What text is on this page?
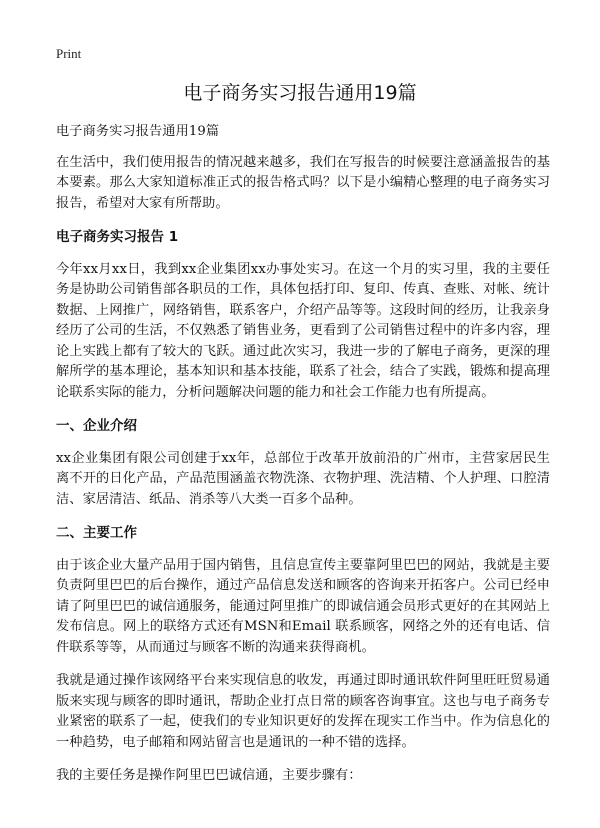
Print
电子商务实习报告通用19篇

电子商务实习报告通用19篇

在生活中，我们使用报告的情况越来越多，我们在写报告的时候要注意涵盖报告的基本要素。那么大家知道标准正式的报告格式吗？以下是小编精心整理的电子商务实习报告，希望对大家有所帮助。

电子商务实习报告 1

今年xx月xx日，我到xx企业集团xx办事处实习。在这一个月的实习里，我的主要任务是协助公司销售部各职员的工作，具体包括打印、复印、传真、查账、对帐、统计数据、上网推广，网络销售，联系客户，介绍产品等等。这段时间的经历，让我亲身经历了公司的生活，不仅熟悉了销售业务，更看到了公司销售过程中的许多内容，理论上实践上都有了较大的飞跃。通过此次实习，我进一步的了解电子商务，更深的理解所学的基本理论，基本知识和基本技能，联系了社会，结合了实践，锻炼和提高理论联系实际的能力，分析问题解决问题的能力和社会工作能力也有所提高。

一、企业介绍

xx企业集团有限公司创建于xx年，总部位于改革开放前沿的广州市，主营家居民生离不开的日化产品，产品范围涵盖衣物洗涤、衣物护理、洗洁精、个人护理、口腔清洁、家居清洁、纸品、消杀等八大类一百多个品种。

二、主要工作

由于该企业大量产品用于国内销售，且信息宣传主要靠阿里巴巴的网站，我就是主要负责阿里巴巴的后台操作，通过产品信息发送和顾客的咨询来开拓客户。公司已经申请了阿里巴巴的诚信通服务，能通过阿里推广的即诚信通会员形式更好的在其网站上发布信息。网上的联络方式还有MSN和Email 联系顾客，网络之外的还有电话、信件联系等等，从而通过与顾客不断的沟通来获得商机。

我就是通过操作该网络平台来实现信息的收发，再通过即时通讯软件阿里旺旺贸易通版来实现与顾客的即时通讯，帮助企业打点日常的顾客咨询事宜。这也与电子商务专业紧密的联系了一起，使我们的专业知识更好的发挥在现实工作当中。作为信息化的一种趋势，电子邮箱和网站留言也是通讯的一种不错的选择。

我的主要任务是操作阿里巴巴诚信通，主要步骤有：
